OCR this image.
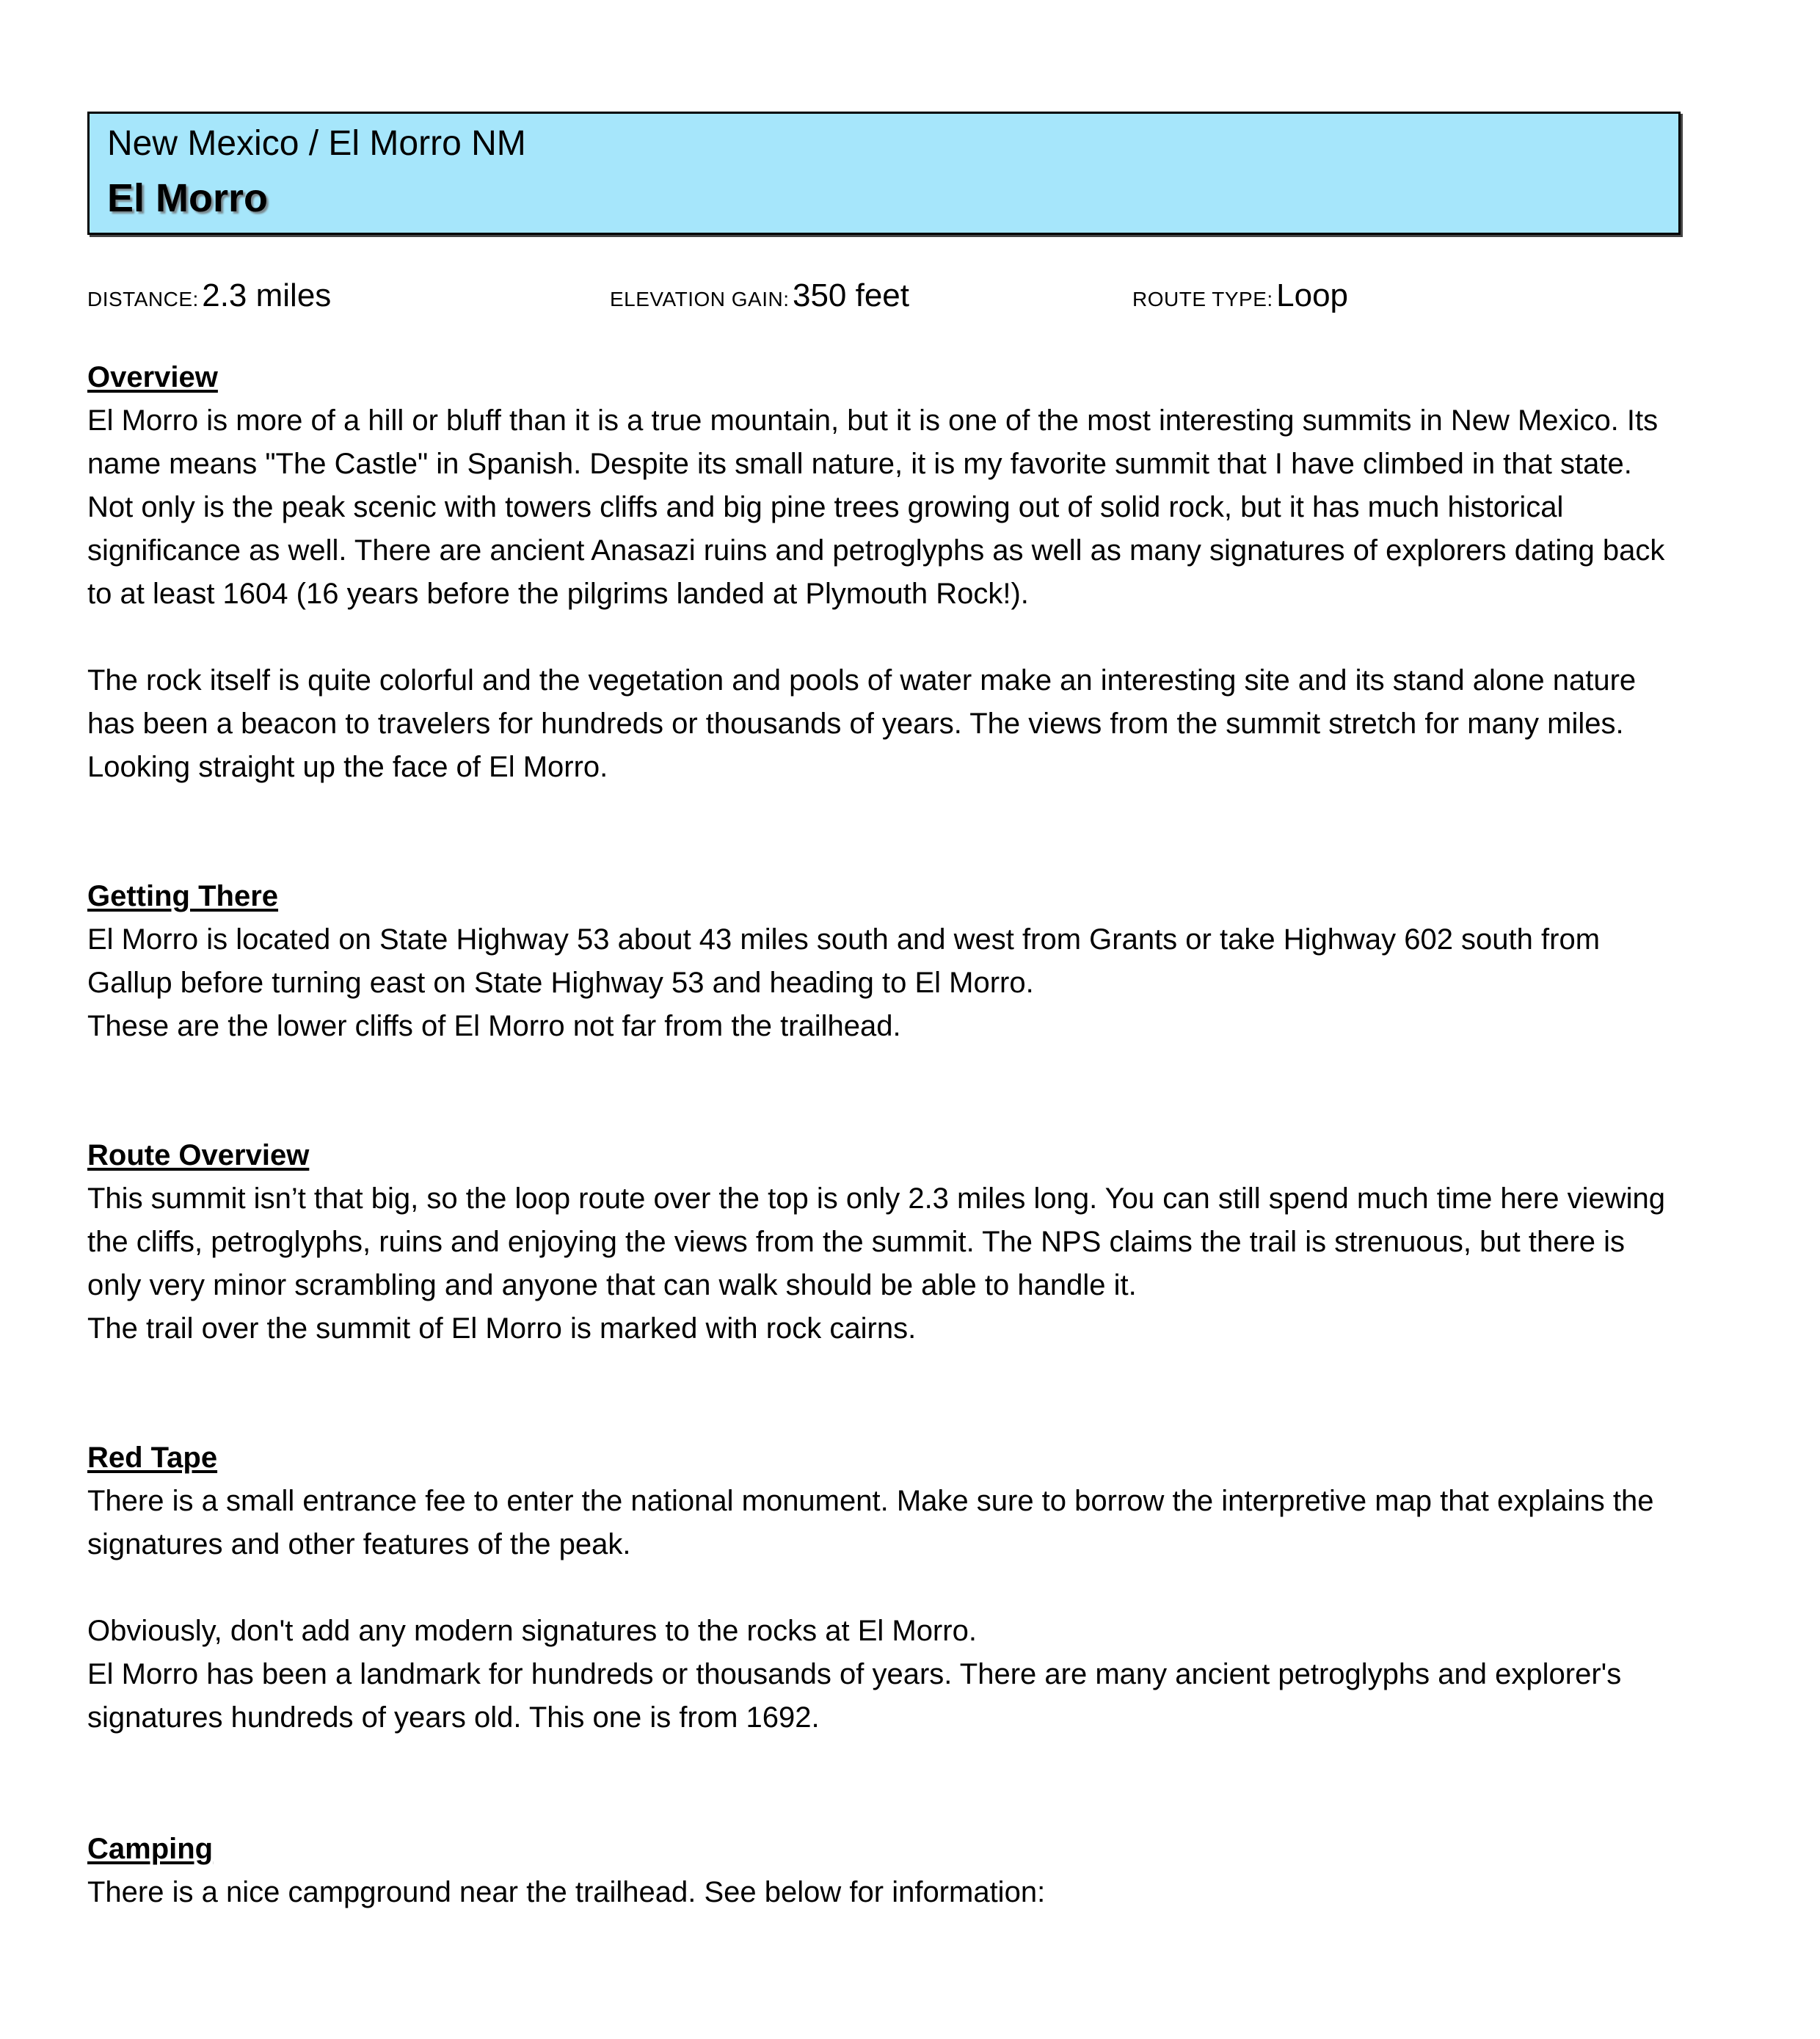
New Mexico / El Morro NM
El Morro
DISTANCE: 2.3 miles	ELEVATION GAIN: 350 feet	ROUTE TYPE: Loop
Overview
El Morro is more of a hill or bluff than it is a true mountain, but it is one of the most interesting summits in New Mexico. Its
name means "The Castle" in Spanish. Despite its small nature, it is my favorite summit that I have climbed in that state.
Not only is the peak scenic with towers cliffs and big pine trees growing out of solid rock, but it has much historical
significance as well. There are ancient Anasazi ruins and petroglyphs as well as many signatures of explorers dating back
to at least 1604 (16 years before the pilgrims landed at Plymouth Rock!).
The rock itself is quite colorful and the vegetation and pools of water make an interesting site and its stand alone nature
has been a beacon to travelers for hundreds or thousands of years. The views from the summit stretch for many miles.
Looking straight up the face of El Morro.
Getting There
El Morro is located on State Highway 53 about 43 miles south and west from Grants or take Highway 602 south from
Gallup before turning east on State Highway 53 and heading to El Morro.
These are the lower cliffs of El Morro not far from the trailhead.
Route Overview
This summit isn’t that big, so the loop route over the top is only 2.3 miles long. You can still spend much time here viewing
the cliffs, petroglyphs, ruins and enjoying the views from the summit. The NPS claims the trail is strenuous, but there is
only very minor scrambling and anyone that can walk should be able to handle it.
The trail over the summit of El Morro is marked with rock cairns.
Red Tape
There is a small entrance fee to enter the national monument. Make sure to borrow the interpretive map that explains the
signatures and other features of the peak.
Obviously, don't add any modern signatures to the rocks at El Morro.
El Morro has been a landmark for hundreds or thousands of years. There are many ancient petroglyphs and explorer's
signatures hundreds of years old. This one is from 1692.
Camping
There is a nice campground near the trailhead. See below for information:
